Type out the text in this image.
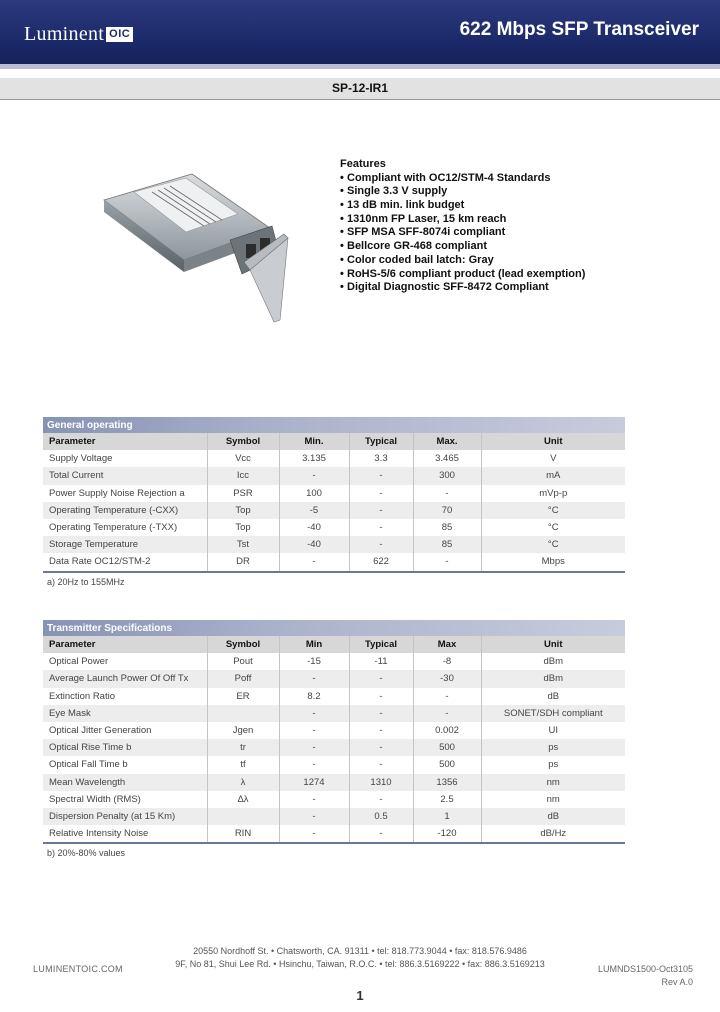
Luminent OIC	622 Mbps SFP Transceiver
SP-12-IR1
Features
• Compliant with OC12/STM-4 Standards
• Single 3.3 V supply
• 13 dB min. link budget
• 1310nm FP Laser, 15 km reach
• SFP MSA SFF-8074i compliant
• Bellcore GR-468 compliant
• Color coded bail latch: Gray
• RoHS-5/6 compliant product (lead exemption)
• Digital Diagnostic SFF-8472 Compliant
General operating
Parameter	Symbol	Min.	Typical	Max.	Unit
Supply Voltage	Vcc	3.135	3.3	3.465	V
Total Current	Icc	-	-	300	mA
Power Supply Noise Rejection a	PSR	100	-	-	mVp-p
Operating Temperature (-CXX)	Top	-5	-	70	°C
Operating Temperature (-TXX)	Top	-40	-	85	°C
Storage Temperature	Tst	-40	-	85	°C
Data Rate OC12/STM-2	DR	-	622	-	Mbps
a) 20Hz to 155MHz
Transmitter Specifications
Parameter	Symbol	Min	Typical	Max	Unit
Optical Power	Pout	-15	-11	-8	dBm
Average Launch Power Of Off Tx	Poff	-	-	-30	dBm
Extinction Ratio	ER	8.2	-	-	dB
Eye Mask		-	-	-	SONET/SDH compliant
Optical Jitter Generation	Jgen	-	-	0.002	UI
Optical Rise Time b	tr	-	-	500	ps
Optical Fall Time b	tf	-	-	500	ps
Mean Wavelength	λ	1274	1310	1356	nm
Spectral Width (RMS)	Δλ	-	-	2.5	nm
Dispersion Penalty (at 15 Km)		-	0.5	1	dB
Relative Intensity Noise	RIN	-	-	-120	dB/Hz
b) 20%-80% values
LUMINENTOIC.COM
20550 Nordhoff St. • Chatsworth, CA. 91311 • tel: 818.773.9044 • fax: 818.576.9486
9F, No 81, Shui Lee Rd. • Hsinchu, Taiwan, R.O.C. • tel: 886.3.5169222 • fax: 886.3.5169213
LUMNDS1500-Oct3105
Rev A.0
1
